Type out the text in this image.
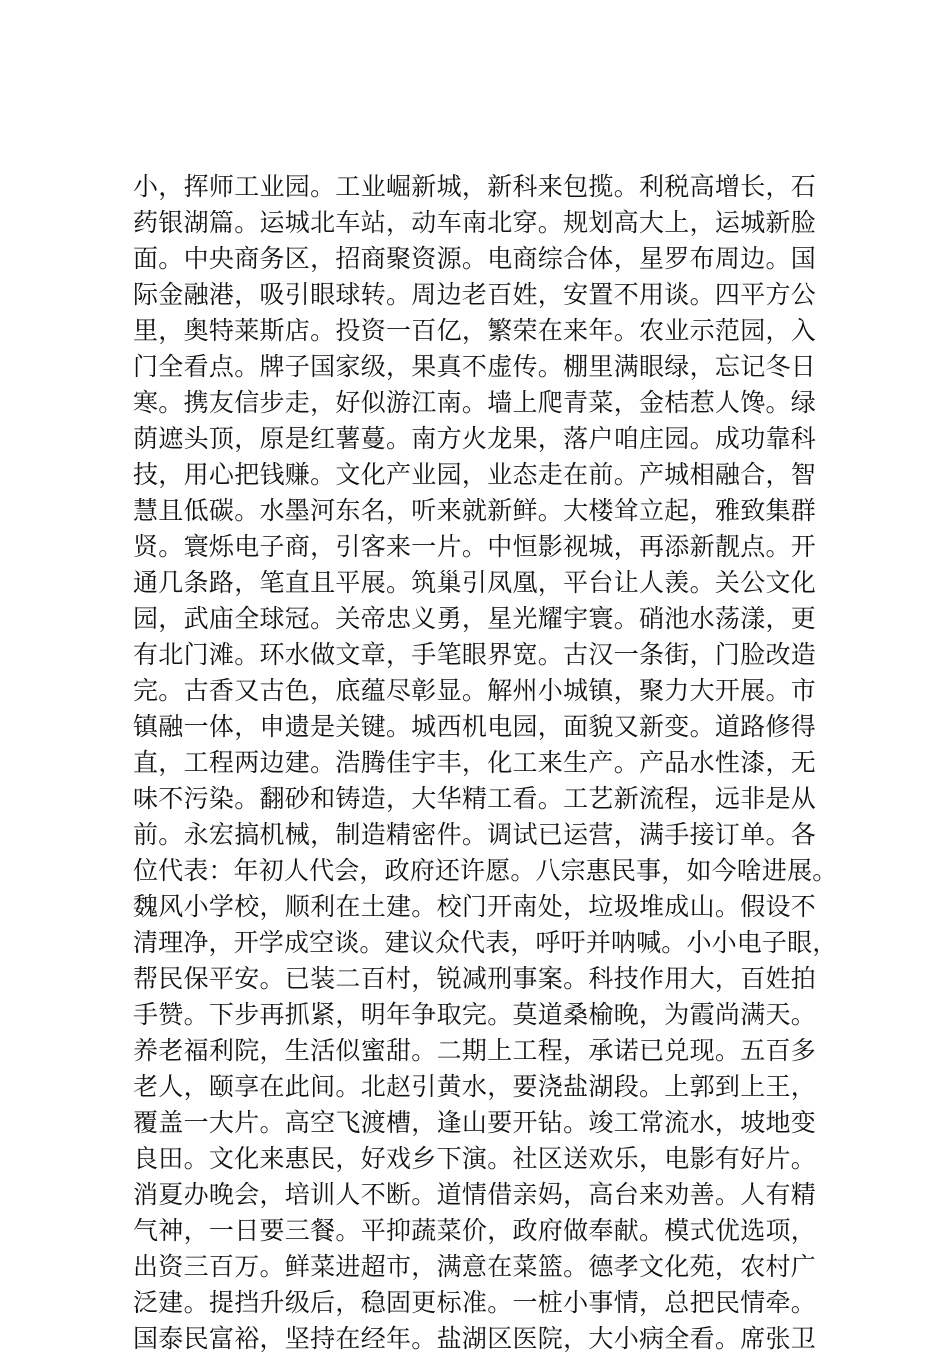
小，挥师工业园。工业崛新城，新科来包揽。利税高增长，石
药银湖篇。运城北车站，动车南北穿。规划高大上，运城新脸
面。中央商务区，招商聚资源。电商综合体，星罗布周边。国
际金融港，吸引眼球转。周边老百姓，安置不用谈。四平方公
里，奥特莱斯店。投资一百亿，繁荣在来年。农业示范园，入
门全看点。牌子国家级，果真不虚传。棚里满眼绿，忘记冬日
寒。携友信步走，好似游江南。墙上爬青菜，金桔惹人馋。绿
荫遮头顶，原是红薯蔓。南方火龙果，落户咱庄园。成功靠科
技，用心把钱赚。文化产业园，业态走在前。产城相融合，智
慧且低碳。水墨河东名，听来就新鲜。大楼耸立起，雅致集群
贤。寰烁电子商，引客来一片。中恒影视城，再添新靓点。开
通几条路，笔直且平展。筑巢引凤凰，平台让人羡。关公文化
园，武庙全球冠。关帝忠义勇，星光耀宇寰。硝池水荡漾，更
有北门滩。环水做文章，手笔眼界宽。古汉一条街，门脸改造
完。古香又古色，底蕴尽彰显。解州小城镇，聚力大开展。市
镇融一体，申遗是关键。城西机电园，面貌又新变。道路修得
直，工程两边建。浩腾佳宇丰，化工来生产。产品水性漆，无
味不污染。翻砂和铸造，大华精工看。工艺新流程，远非是从
前。永宏搞机械，制造精密件。调试已运营，满手接订单。各
位代表：年初人代会，政府还许愿。八宗惠民事，如今啥进展。
魏风小学校，顺利在土建。校门开南处，垃圾堆成山。假设不
清理净，开学成空谈。建议众代表，呼吁并呐喊。小小电子眼，
帮民保平安。已装二百村，锐减刑事案。科技作用大，百姓拍
手赞。下步再抓紧，明年争取完。莫道桑榆晚，为霞尚满天。
养老福利院，生活似蜜甜。二期上工程，承诺已兑现。五百多
老人，颐享在此间。北赵引黄水，要浇盐湖段。上郭到上王，
覆盖一大片。高空飞渡槽，逢山要开钻。竣工常流水，坡地变
良田。文化来惠民，好戏乡下演。社区送欢乐，电影有好片。
消夏办晚会，培训人不断。道情借亲妈，高台来劝善。人有精
气神，一日要三餐。平抑蔬菜价，政府做奉献。模式优选项，
出资三百万。鲜菜进超市，满意在菜篮。德孝文化苑，农村广
泛建。提挡升级后，稳固更标准。一桩小事情，总把民情牵。
国泰民富裕，坚持在经年。盐湖区医院，大小病全看。席张卫
